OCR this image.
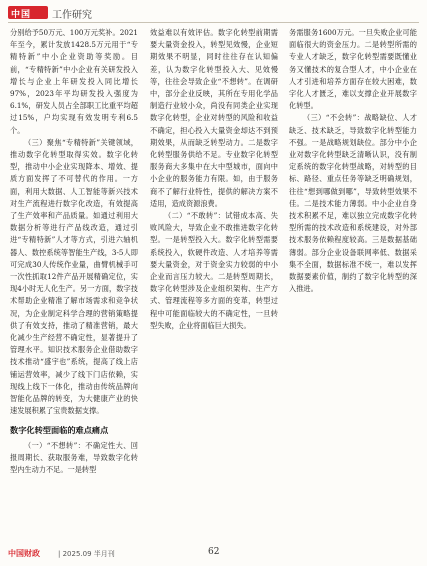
中国 工作研究

分别给予50万元、100万元奖补。2021年至今，累计发放1428.5万元用于“专精特新”中小企业资助等奖励。目前，“专精特新”中小企业有关研发投入增长与企业上年研发投入同比增长97%，2023年平均研发投入强度为6.1%，研发人员占全部职工比重平均超过15%，户均实现有效发明专利6.5个。

（三）聚焦“专精特新”关键领域，推动数字化转型取得实效。数字化转型，推动中小企业实现降本、增效、提质方面发挥了不可替代的作用。一方面，利用大数据、人工智能等新兴技术对生产流程进行数字化改造，有效提高了生产效率和产品质量。如通过利用大数据分析等进行产品线改造，通过引进“专精特新”人才等方式，引进六轴机器人、数控系统等智能生产线，3-5人即可完成30人传统作业量，曲臂机械手可一次性抓取12件产品开展精确定位，实现4小时无人化生产。另一方面，数字技术帮助企业精准了解市场需求和竞争状况，为企业制定科学合理的营销策略提供了有效支持，推动了精准营销，最大化减少生产经营不确定性，显著提升了管理水平。知识技术服务企业借助数字技术推动“盛宇也”系统，提高了线上店铺运营效率，减少了线下门店依赖，实现线上线下一体化，推动由传统品牌向智能化品牌的转变，为大健康产业的快速发展积累了宝贵数据支撑。

数字化转型面临的难点痛点

（一）“不想转”：不确定性大、回报周期长、获取服务难，导致数字化转型内生动力不足。一是转型

效益难以有效评估。数字化转型前期需要大量资金投入，转型见效慢，企业短期效果不明显，同时往往存在认知偏差，认为数字化转型投入大、见效慢等，往往会导致企业“不想转”。在调研中，部分企业反映，其所在专用化学品制造行业较小众，尚没有同类企业实现数字化转型，企业对转型的风险和收益不确定，担心投入大量资金却达不到预期效果，从而缺乏转型动力。二是数字化转型服务供给不足。专业数字化转型服务商大多集中在大中型城市，面向中小企业的服务能力有限。如，由于服务商不了解行业特性，提供的解决方案不适用，造成资源浪费。

（二）“不敢转”：试错成本高、失败风险大，导致企业不敢推进数字化转型。一是转型投入大。数字化转型需要系统投入，软硬件改造、人才培养等需要大量资金，对于资金实力较弱的中小企业而言压力较大。二是转型周期长，数字化转型涉及企业组织架构、生产方式、管理流程等多方面的变革，转型过程中可能面临较大的不确定性，一旦转型失败，企业将面临巨大损失。

务需服务1600万元。一旦失败企业可能面临很大的资金压力。二是转型所需的专业人才缺乏，数字化转型需要既懂业务又懂技术的复合型人才，中小企业在人才引进和培养方面存在较大困难，数字化人才匮乏，难以支撑企业开展数字化转型。

（三）“不会转”：战略缺位、人才缺乏、技术缺乏，导致数字化转型能力不强。一是战略规划缺位。部分中小企业对数字化转型缺乏清晰认识，没有制定系统的数字化转型战略，对转型的目标、路径、重点任务等缺乏明确规划，往往“想到哪做到哪”，导致转型效果不佳。二是技术能力薄弱。中小企业自身技术积累不足，难以独立完成数字化转型所需的技术改造和系统建设，对外部技术服务依赖程度较高。三是数据基础薄弱。部分企业设备联网率低、数据采集不全面，数据标准不统一，难以发挥数据要素价值，制约了数字化转型的深入推进。

中国财政	| 2025.09 半月刊	62
